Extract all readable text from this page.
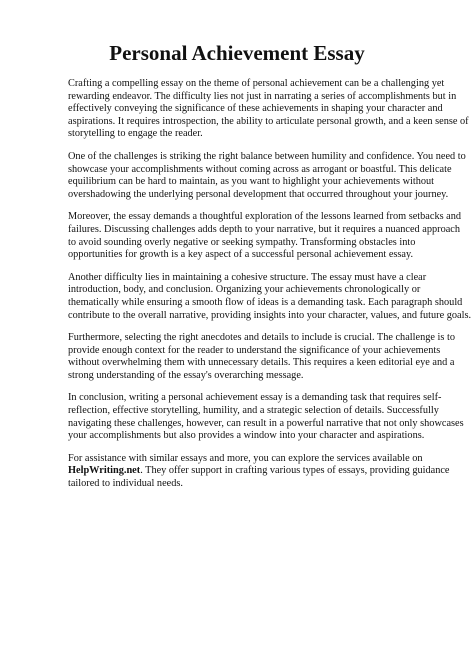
Personal Achievement Essay

Crafting a compelling essay on the theme of personal achievement can be a challenging yet
rewarding endeavor. The difficulty lies not just in narrating a series of accomplishments but in
effectively conveying the significance of these achievements in shaping your character and
aspirations. It requires introspection, the ability to articulate personal growth, and a keen sense of
storytelling to engage the reader.

One of the challenges is striking the right balance between humility and confidence. You need to
showcase your accomplishments without coming across as arrogant or boastful. This delicate
equilibrium can be hard to maintain, as you want to highlight your achievements without
overshadowing the underlying personal development that occurred throughout your journey.

Moreover, the essay demands a thoughtful exploration of the lessons learned from setbacks and
failures. Discussing challenges adds depth to your narrative, but it requires a nuanced approach
to avoid sounding overly negative or seeking sympathy. Transforming obstacles into
opportunities for growth is a key aspect of a successful personal achievement essay.

Another difficulty lies in maintaining a cohesive structure. The essay must have a clear
introduction, body, and conclusion. Organizing your achievements chronologically or
thematically while ensuring a smooth flow of ideas is a demanding task. Each paragraph should
contribute to the overall narrative, providing insights into your character, values, and future goals.

Furthermore, selecting the right anecdotes and details to include is crucial. The challenge is to
provide enough context for the reader to understand the significance of your achievements
without overwhelming them with unnecessary details. This requires a keen editorial eye and a
strong understanding of the essay's overarching message.

In conclusion, writing a personal achievement essay is a demanding task that requires self-
reflection, effective storytelling, humility, and a strategic selection of details. Successfully
navigating these challenges, however, can result in a powerful narrative that not only showcases
your accomplishments but also provides a window into your character and aspirations.

For assistance with similar essays and more, you can explore the services available on
HelpWriting.net. They offer support in crafting various types of essays, providing guidance
tailored to individual needs.
